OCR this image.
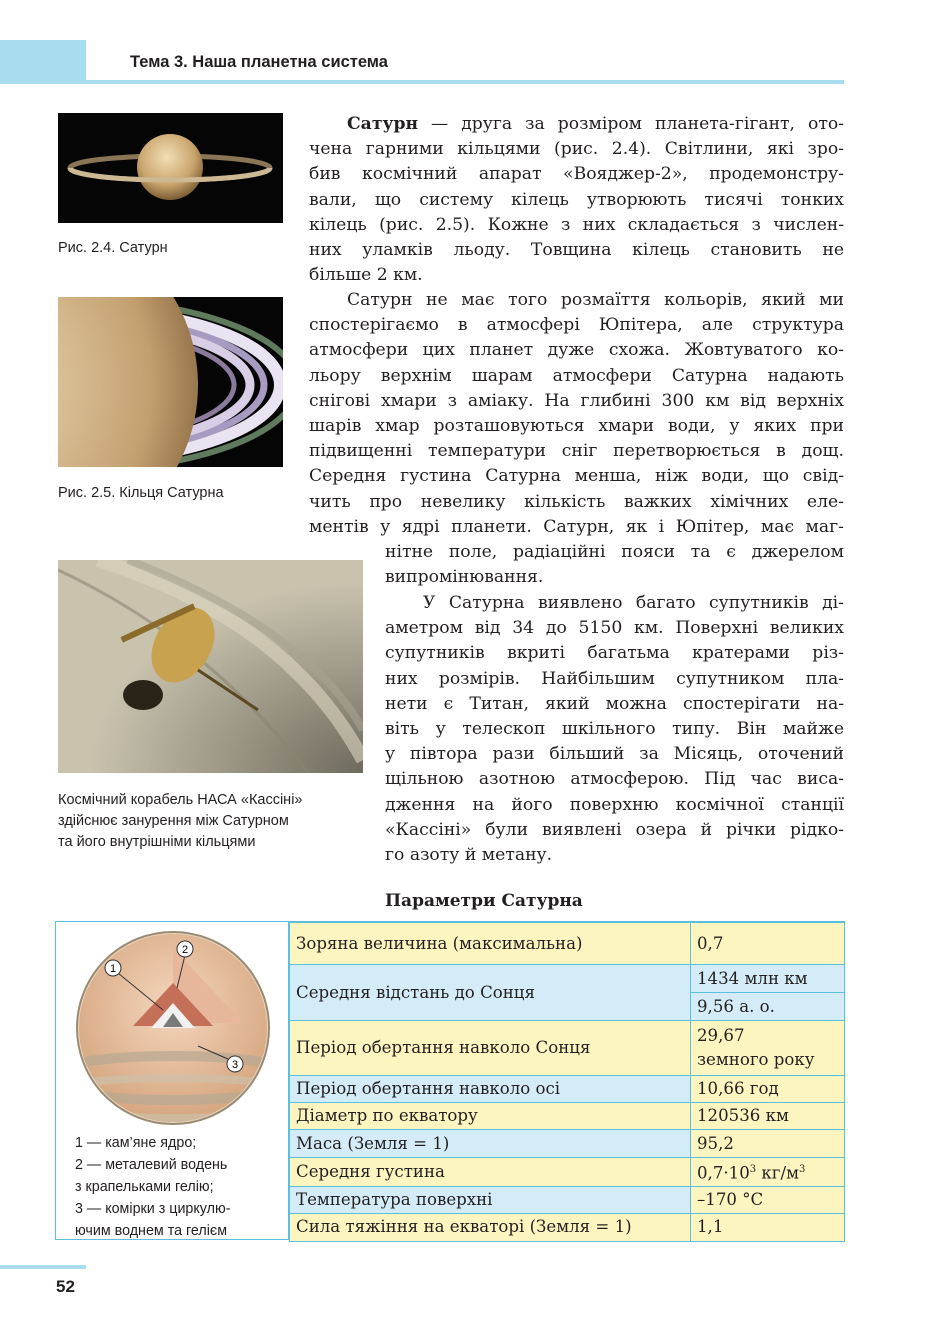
Тема 3. Наша планетна система
Рис. 2.4. Сатурн
Рис. 2.5. Кільця Сатурна
Космічний корабель НАСА «Кассіні»
здійснює занурення між Сатурном
та його внутрішніми кільцями
Сатурн — друга за розміром планета-гігант, ото-
чена гарними кільцями (рис. 2.4). Світлини, які зро-
бив космічний апарат «Вояджер-2», продемонстру-
вали, що систему кілець утворюють тисячі тонких
кілець (рис. 2.5). Кожне з них складається з числен-
них уламків льоду. Товщина кілець становить не
більше 2 км.
Сатурн не має того розмаїття кольорів, який ми
спостерігаємо в атмосфері Юпітера, але структура
атмосфери цих планет дуже схожа. Жовтуватого ко-
льору верхнім шарам атмосфери Сатурна надають
снігові хмари з аміаку. На глибині 300 км від верхніх
шарів хмар розташовуються хмари води, у яких при
підвищенні температури сніг перетворюється в дощ.
Середня густина Сатурна менша, ніж води, що свід-
чить про невелику кількість важких хімічних еле-
ментів у ядрі планети. Сатурн, як і Юпітер, має маг-
нітне поле, радіаційні пояси та є джерелом
випромінювання.
У Сатурна виявлено багато супутників ді-
аметром від 34 до 5150 км. Поверхні великих
супутників вкриті багатьма кратерами різ-
них розмірів. Найбільшим супутником пла-
нети є Титан, який можна спостерігати на-
віть у телескоп шкільного типу. Він майже
у півтора рази більший за Місяць, оточений
щільною азотною атмосферою. Під час виса-
дження на його поверхню космічної станції
«Кассіні» були виявлені озера й річки рідко-
го азоту й метану.
Параметри Сатурна
1
2
3
1 — кам’яне ядро;
2 — металевий водень
з крапельками гелію;
3 — комірки з циркулю-
ючим воднем та гелієм
Зоряна величина (максимальна)	0,7
Середня відстань до Сонця	1434 млн км
	9,56 а. о.
Період обертання навколо Сонця	29,67
земного року

Період обертання навколо осі	10,66 год
Діаметр по екватору	120536 км
Маса (Земля = 1)	95,2
Середня густина	$0,7\cdot 10^3$ $кг/м^3$
Температура поверхні	–170 °С
Сила тяжіння на екваторі (Земля = 1)	1,1
52
